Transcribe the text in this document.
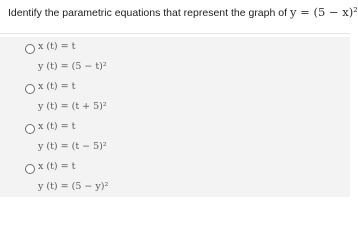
Identify the parametric equations that represent the graph of y = (5 − x)²
x (t) = t
y (t) = (5 − t)²
x (t) = t
y (t) = (t + 5)²
x (t) = t
y (t) = (t − 5)²
x (t) = t
y (t) = (5 − y)²
